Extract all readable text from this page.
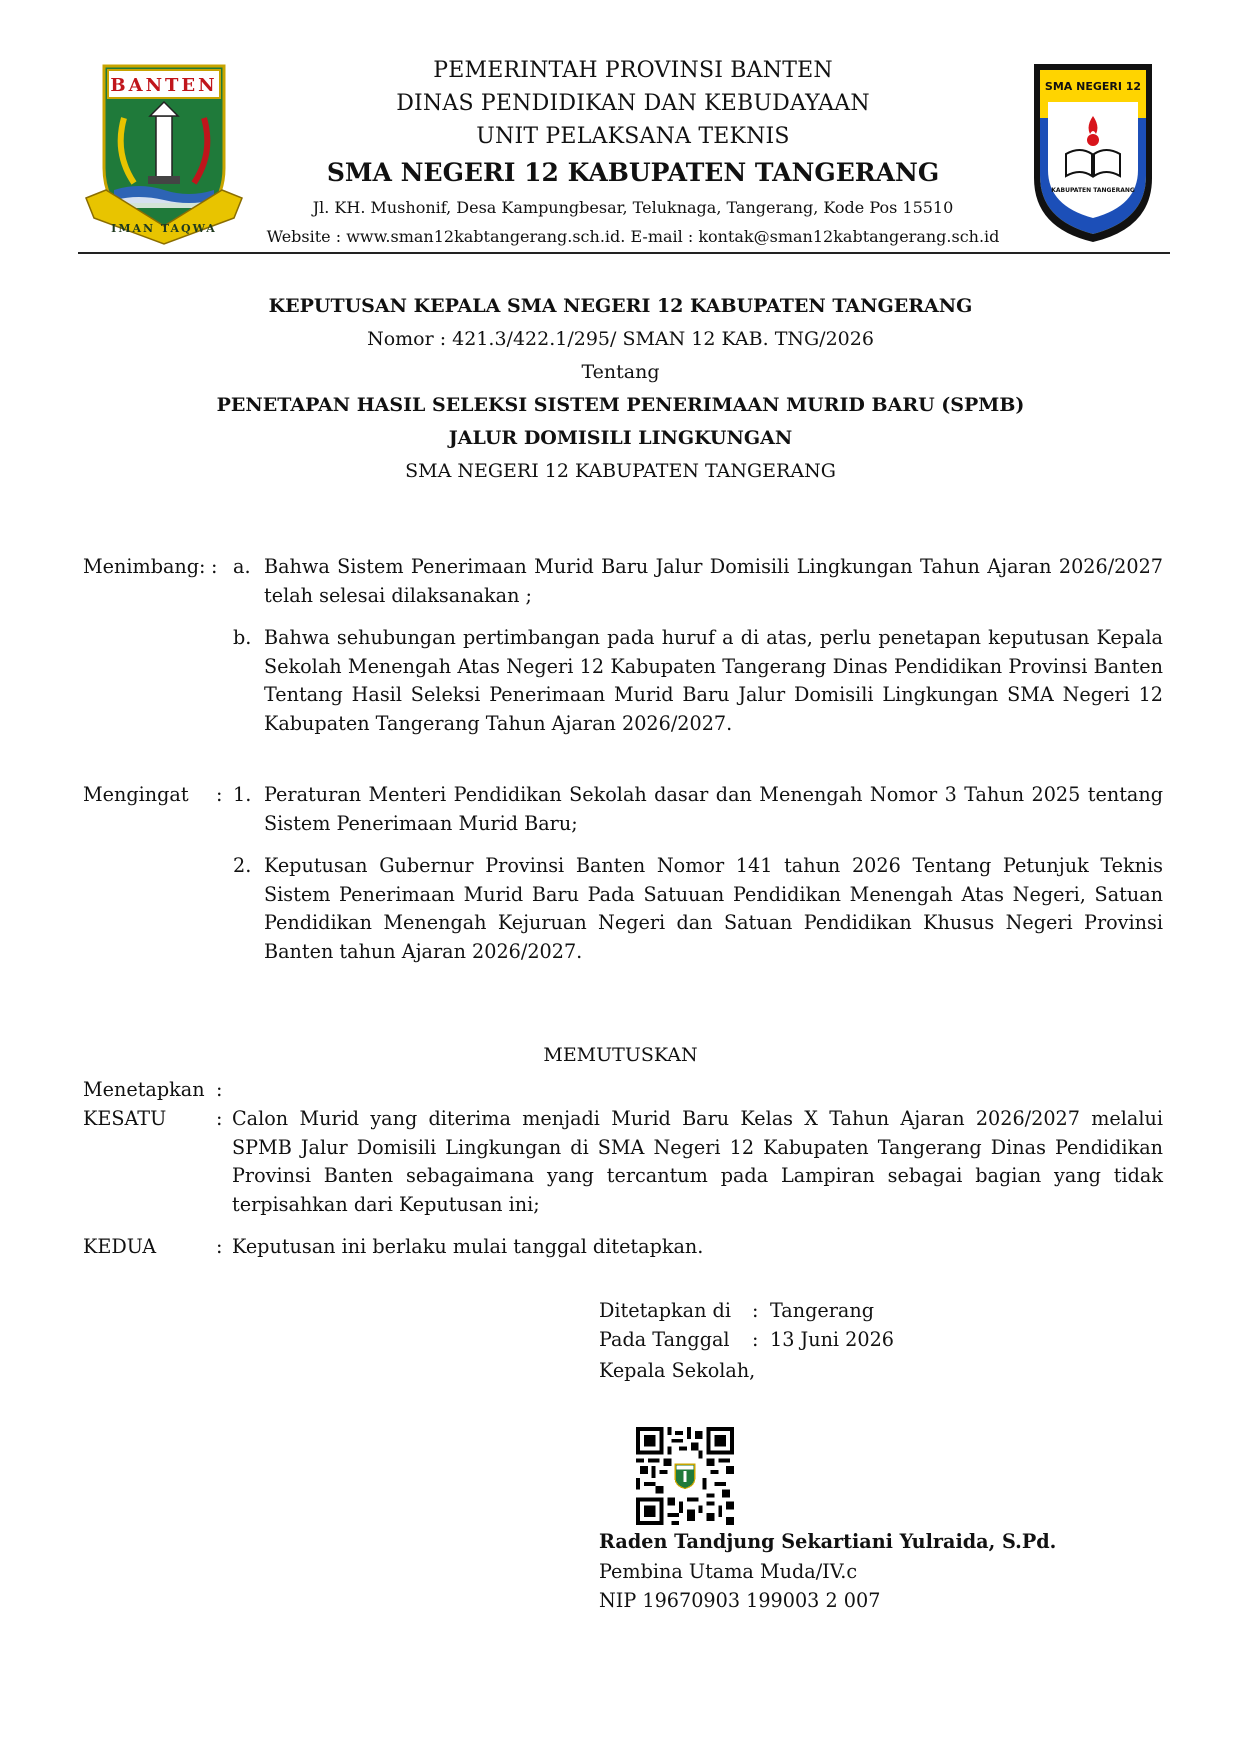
BANTEN
IMAN TAQWA
PEMERINTAH PROVINSI BANTEN
DINAS PENDIDIKAN DAN KEBUDAYAAN
UNIT PELAKSANA TEKNIS
SMA NEGERI 12 KABUPATEN TANGERANG
Jl. KH. Mushonif, Desa Kampungbesar, Teluknaga, Tangerang, Kode Pos 15510
Website : www.sman12kabtangerang.sch.id. E-mail : kontak@sman12kabtangerang.sch.id
SMA NEGERI 12
KABUPATEN TANGERANG
KEPUTUSAN KEPALA SMA NEGERI 12 KABUPATEN TANGERANG
Nomor : 421.3/422.1/295/ SMAN 12 KAB. TNG/2026
Tentang
PENETAPAN HASIL SELEKSI SISTEM PENERIMAAN MURID BARU (SPMB)
JALUR DOMISILI LINGKUNGAN
SMA NEGERI 12 KABUPATEN TANGERANG
Menimbang: : a. Bahwa Sistem Penerimaan Murid Baru Jalur Domisili Lingkungan Tahun Ajaran 2026/2027 telah selesai dilaksanakan ;
b. Bahwa sehubungan pertimbangan pada huruf a di atas, perlu penetapan keputusan Kepala Sekolah Menengah Atas Negeri 12 Kabupaten Tangerang Dinas Pendidikan Provinsi Banten Tentang Hasil Seleksi Penerimaan Murid Baru Jalur Domisili Lingkungan SMA Negeri 12 Kabupaten Tangerang Tahun Ajaran 2026/2027.
Mengingat : 1. Peraturan Menteri Pendidikan Sekolah dasar dan Menengah Nomor 3 Tahun 2025 tentang Sistem Penerimaan Murid Baru;
2. Keputusan Gubernur Provinsi Banten Nomor 141 tahun 2026 Tentang Petunjuk Teknis Sistem Penerimaan Murid Baru Pada Satuuan Pendidikan Menengah Atas Negeri, Satuan Pendidikan Menengah Kejuruan Negeri dan Satuan Pendidikan Khusus Negeri Provinsi Banten tahun Ajaran 2026/2027.
MEMUTUSKAN
Menetapkan :
KESATU	: Calon Murid yang diterima menjadi Murid Baru Kelas X Tahun Ajaran 2026/2027 melalui SPMB Jalur Domisili Lingkungan di SMA Negeri 12 Kabupaten Tangerang Dinas Pendidikan Provinsi Banten sebagaimana yang tercantum pada Lampiran sebagai bagian yang tidak terpisahkan dari Keputusan ini;
KEDUA	: Keputusan ini berlaku mulai tanggal ditetapkan.
Ditetapkan di : Tangerang
Pada Tanggal : 13 Juni 2026
Kepala Sekolah,
Raden Tandjung Sekartiani Yulraida, S.Pd.
Pembina Utama Muda/IV.c
NIP 19670903 199003 2 007
